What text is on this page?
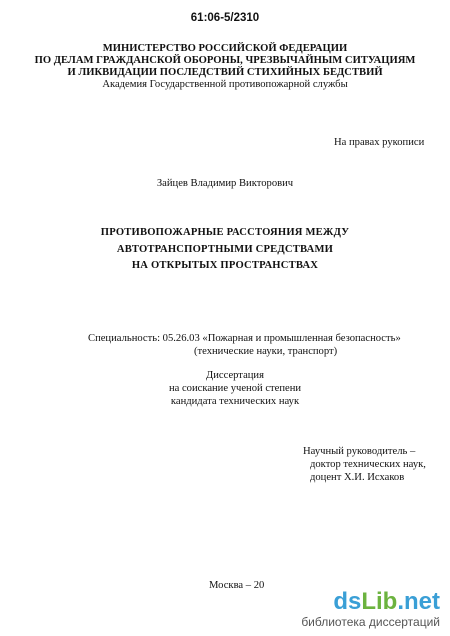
61:06-5/2310
МИНИСТЕРСТВО РОССИЙСКОЙ ФЕДЕРАЦИИ
ПО ДЕЛАМ ГРАЖДАНСКОЙ ОБОРОНЫ, ЧРЕЗВЫЧАЙНЫМ СИТУАЦИЯМ
И ЛИКВИДАЦИИ ПОСЛЕДСТВИЙ СТИХИЙНЫХ БЕДСТВИЙ
Академия Государственной противопожарной службы
На правах рукописи
Зайцев Владимир Викторович
ПРОТИВОПОЖАРНЫЕ РАССТОЯНИЯ МЕЖДУ
АВТОТРАНСПОРТНЫМИ СРЕДСТВАМИ
НА ОТКРЫТЫХ ПРОСТРАНСТВАХ
Специальность: 05.26.03 «Пожарная и промышленная безопасность»
(технические науки, транспорт)
Диссертация
на соискание ученой степени
кандидата технических наук
Научный руководитель –
доктор технических наук,
доцент Х.И. Исхаков
Москва – 20
dsLib.net
библиотека диссертаций
